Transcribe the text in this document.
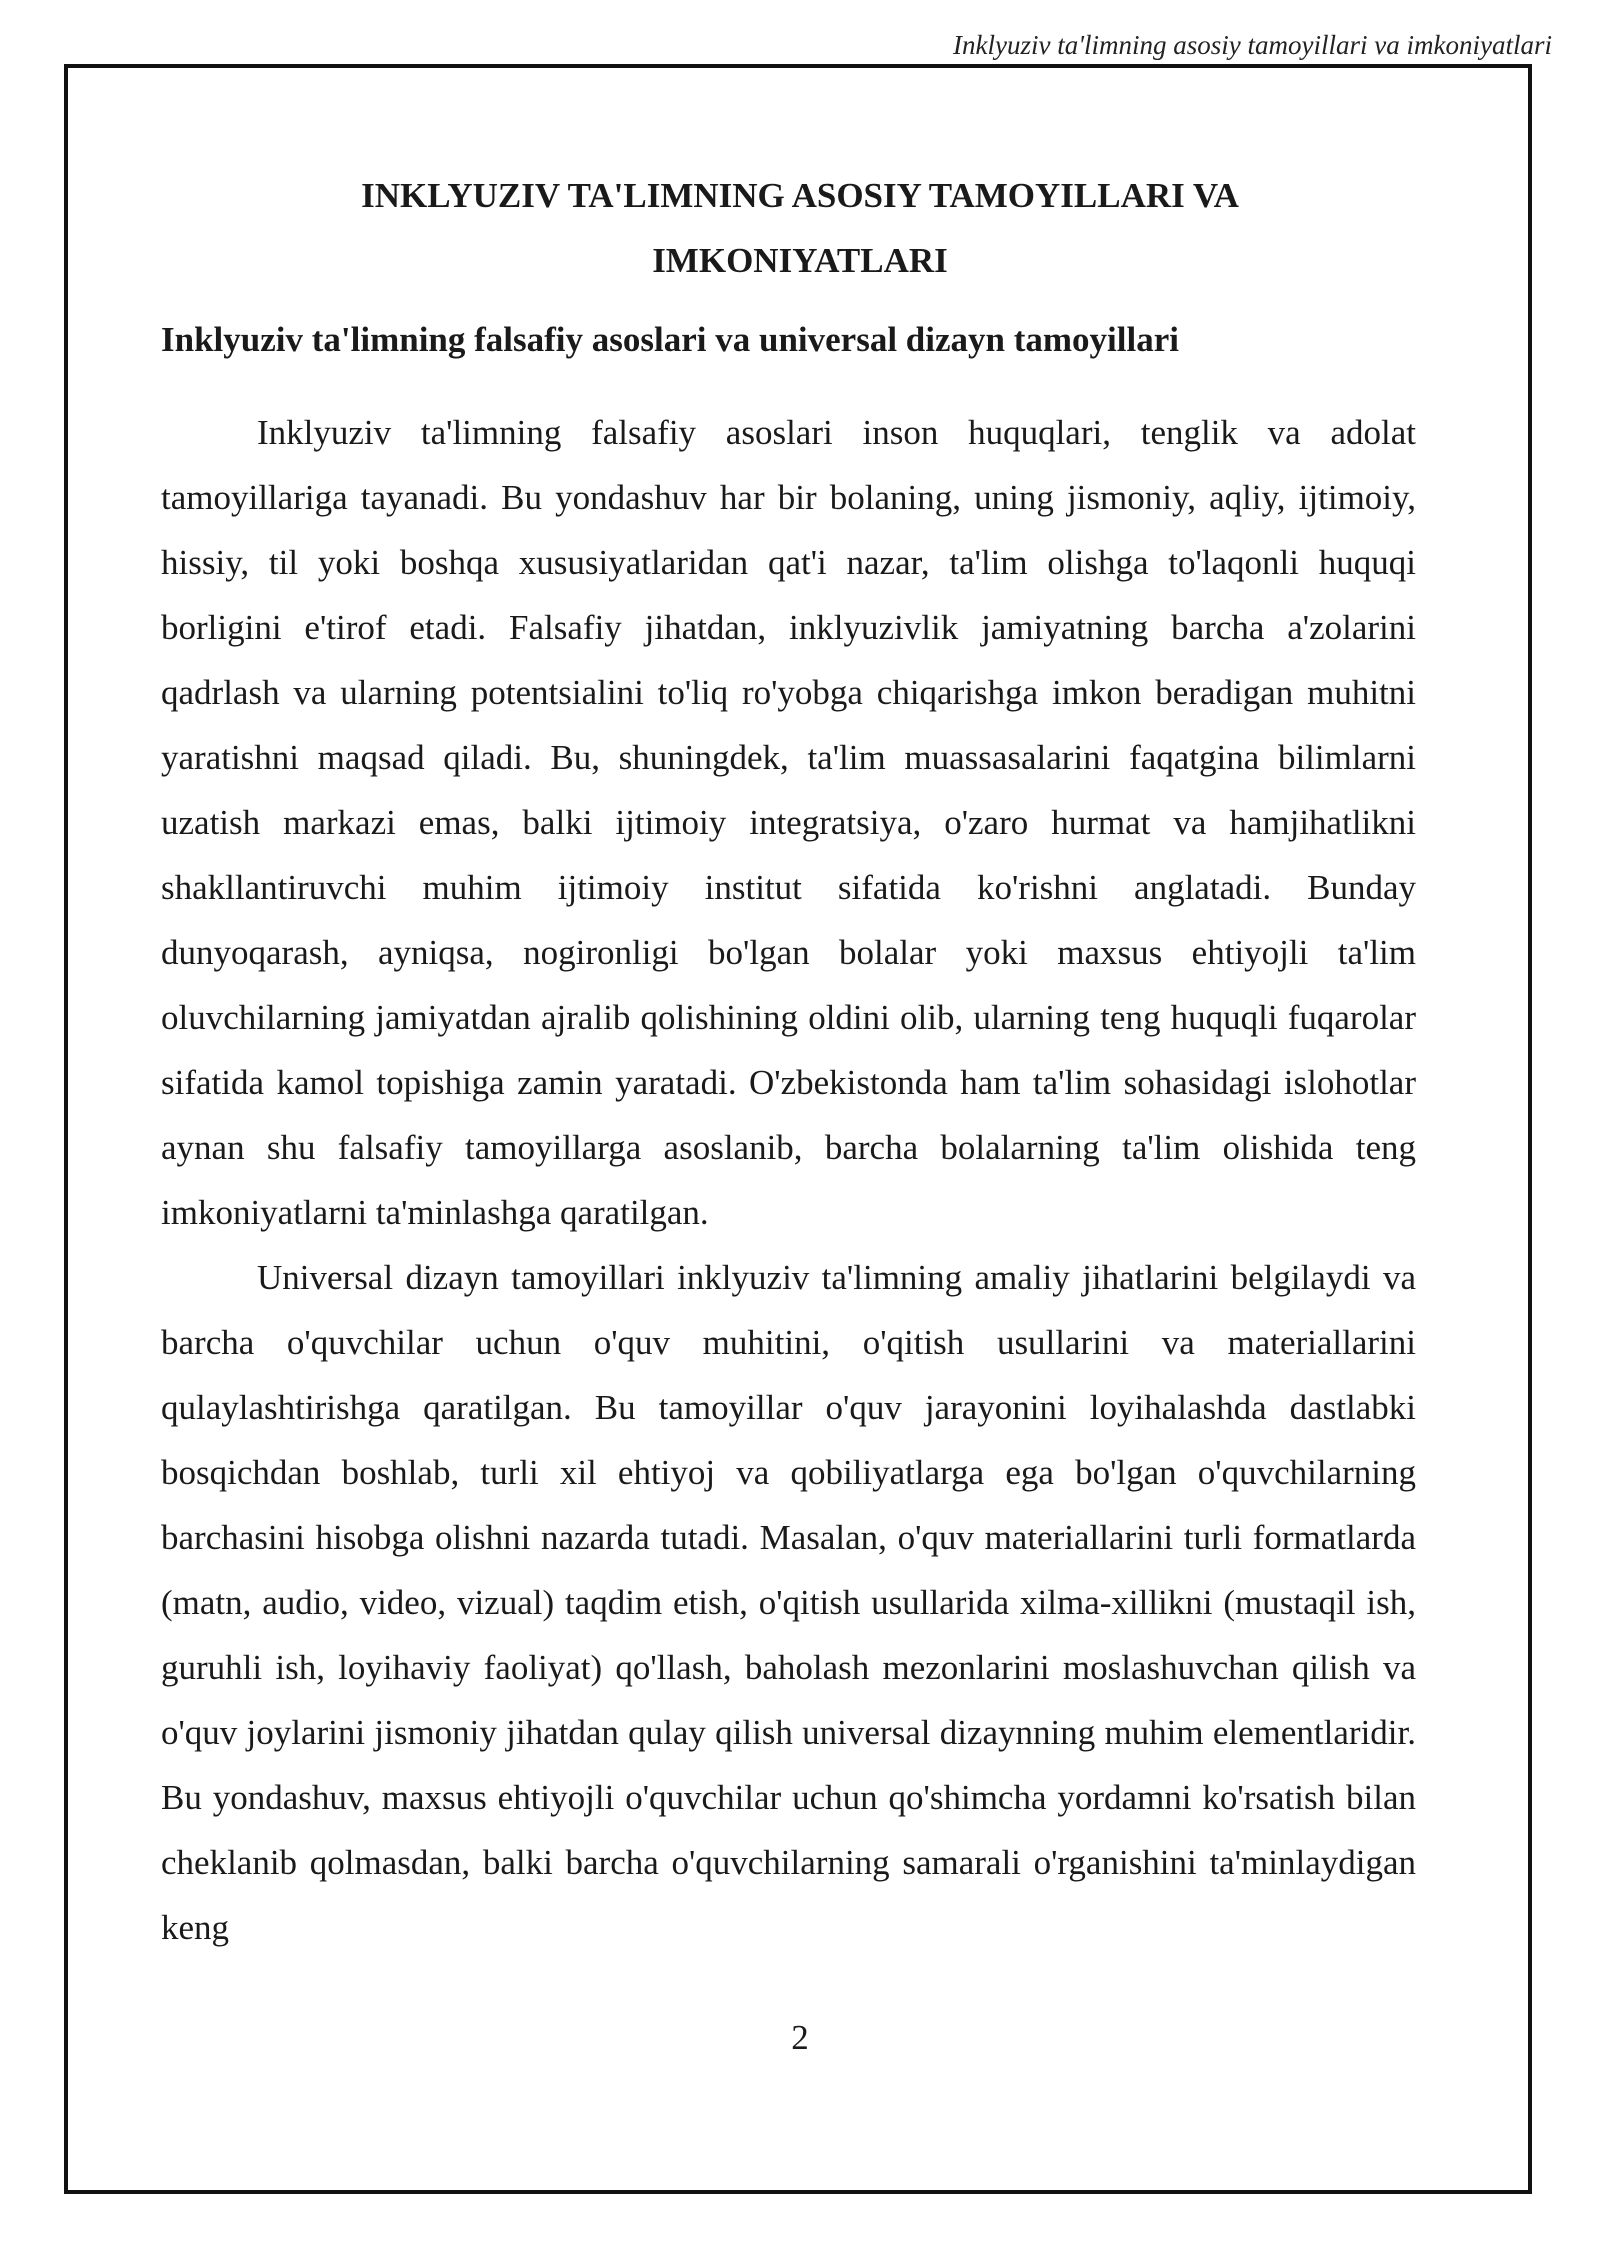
Inklyuziv ta'limning asosiy tamoyillari va imkoniyatlari
INKLYUZIV TA'LIMNING ASOSIY TAMOYILLARI VA
IMKONIYATLARI
Inklyuziv ta'limning falsafiy asoslari va universal dizayn tamoyillari

Inklyuziv ta'limning falsafiy asoslari inson huquqlari, tenglik va adolat tamoyillariga tayanadi. Bu yondashuv har bir bolaning, uning jismoniy, aqliy, ijtimoiy, hissiy, til yoki boshqa xususiyatlaridan qat'i nazar, ta'lim olishga to'laqonli huquqi borligini e'tirof etadi. Falsafiy jihatdan, inklyuzivlik jamiyatning barcha a'zolarini qadrlash va ularning potentsialini to'liq ro'yobga chiqarishga imkon beradigan muhitni yaratishni maqsad qiladi. Bu, shuningdek, ta'lim muassasalarini faqatgina bilimlarni uzatish markazi emas, balki ijtimoiy integratsiya, o'zaro hurmat va hamjihatlikni shakllantiruvchi muhim ijtimoiy institut sifatida ko'rishni anglatadi. Bunday dunyoqarash, ayniqsa, nogironligi bo'lgan bolalar yoki maxsus ehtiyojli ta'lim oluvchilarning jamiyatdan ajralib qolishining oldini olib, ularning teng huquqli fuqarolar sifatida kamol topishiga zamin yaratadi. O'zbekistonda ham ta'lim sohasidagi islohotlar aynan shu falsafiy tamoyillarga asoslanib, barcha bolalarning ta'lim olishida teng imkoniyatlarni ta'minlashga qaratilgan.

Universal dizayn tamoyillari inklyuziv ta'limning amaliy jihatlarini belgilaydi va barcha o'quvchilar uchun o'quv muhitini, o'qitish usullarini va materiallarini qulaylashtirishga qaratilgan. Bu tamoyillar o'quv jarayonini loyihalashda dastlabki bosqichdan boshlab, turli xil ehtiyoj va qobiliyatlarga ega bo'lgan o'quvchilarning barchasini hisobga olishni nazarda tutadi. Masalan, o'quv materiallarini turli formatlarda (matn, audio, video, vizual) taqdim etish, o'qitish usullarida xilma-xillikni (mustaqil ish, guruhli ish, loyihaviy faoliyat) qo'llash, baholash mezonlarini moslashuvchan qilish va o'quv joylarini jismoniy jihatdan qulay qilish universal dizaynning muhim elementlaridir. Bu yondashuv, maxsus ehtiyojli o'quvchilar uchun qo'shimcha yordamni ko'rsatish bilan cheklanib qolmasdan, balki barcha o'quvchilarning samarali o'rganishini ta'minlaydigan keng

2
